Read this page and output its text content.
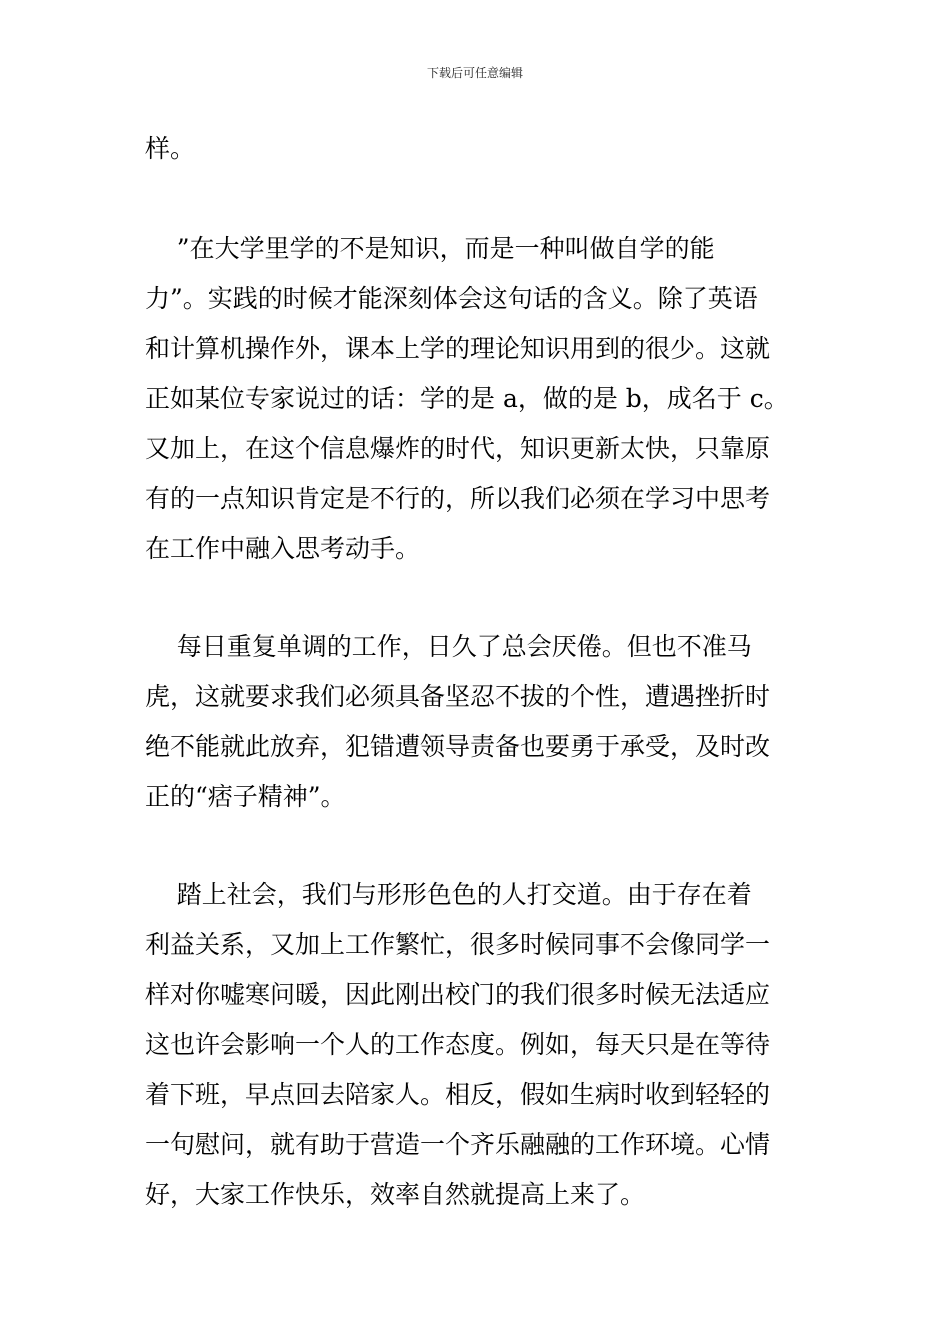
下载后可任意编辑
样。
”在大学里学的不是知识，而是一种叫做自学的能
力”。实践的时候才能深刻体会这句话的含义。除了英语
和计算机操作外，课本上学的理论知识用到的很少。这就
正如某位专家说过的话：学的是 a，做的是 b，成名于 c。
又加上，在这个信息爆炸的时代，知识更新太快，只靠原
有的一点知识肯定是不行的，所以我们必须在学习中思考
在工作中融入思考动手。
每日重复单调的工作，日久了总会厌倦。但也不准马
虎，这就要求我们必须具备坚忍不拔的个性，遭遇挫折时
绝不能就此放弃，犯错遭领导责备也要勇于承受，及时改
正的“痞子精神”。
踏上社会，我们与形形色色的人打交道。由于存在着
利益关系，又加上工作繁忙，很多时候同事不会像同学一
样对你嘘寒问暖，因此刚出校门的我们很多时候无法适应
这也许会影响一个人的工作态度。例如，每天只是在等待
着下班，早点回去陪家人。相反，假如生病时收到轻轻的
一句慰问，就有助于营造一个齐乐融融的工作环境。心情
好，大家工作快乐，效率自然就提高上来了。
